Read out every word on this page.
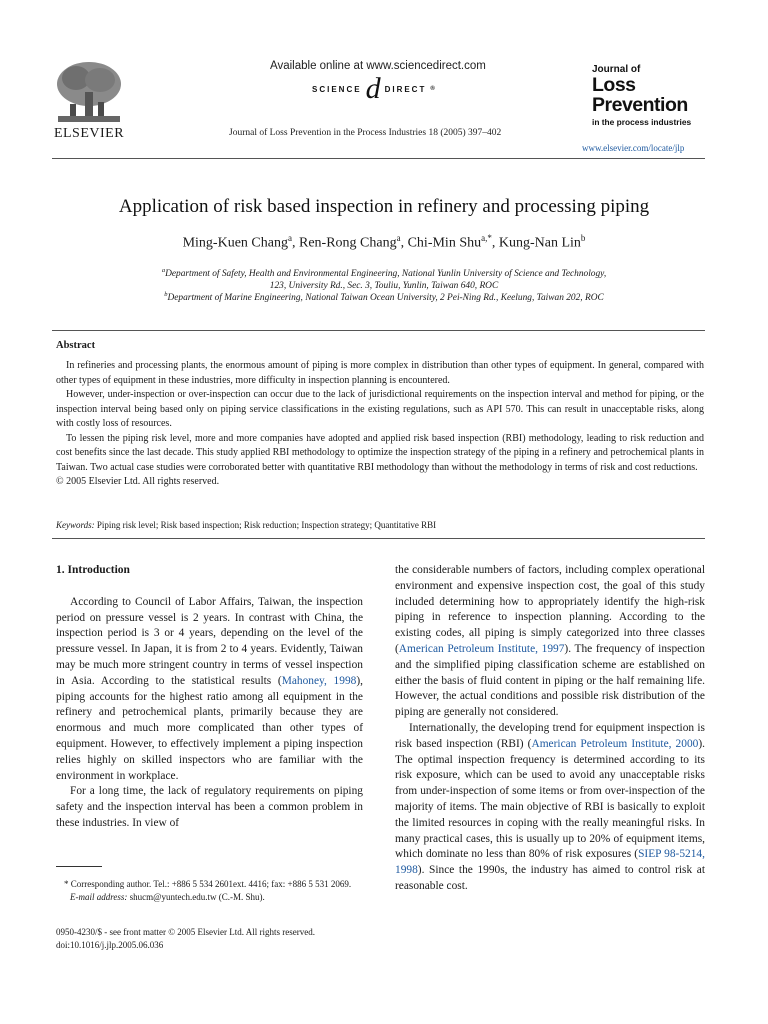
ELSEVIER
Available online at www.sciencedirect.com
SCIENCE d DIRECT ®
Journal of Loss Prevention in the Process Industries 18 (2005) 397–402
Journal of
Loss
Prevention
in the process industries
www.elsevier.com/locate/jlp
Application of risk based inspection in refinery and processing piping
Ming-Kuen Chang$^a$, Ren-Rong Chang$^a$, Chi-Min Shu$^{a,*}$, Kung-Nan Lin$^b$
$^a$Department of Safety, Health and Environmental Engineering, National Yunlin University of Science and Technology,
123, University Rd., Sec. 3, Touliu, Yunlin, Taiwan 640, ROC
$^b$Department of Marine Engineering, National Taiwan Ocean University, 2 Pei-Ning Rd., Keelung, Taiwan 202, ROC
Abstract

In refineries and processing plants, the enormous amount of piping is more complex in distribution than other types of equipment. In general, compared with other types of equipment in these industries, more difficulty in inspection planning is encountered.

However, under-inspection or over-inspection can occur due to the lack of jurisdictional requirements on the inspection interval and method for piping, or the inspection interval being based only on piping service classifications in the existing regulations, such as API 570. This can result in unacceptable risks, along with costly loss of resources.

To lessen the piping risk level, more and more companies have adopted and applied risk based inspection (RBI) methodology, leading to risk reduction and cost benefits since the last decade. This study applied RBI methodology to optimize the inspection strategy of the piping in a refinery and petrochemical plants in Taiwan. Two actual case studies were corroborated better with quantitative RBI methodology than without the methodology in terms of risk and cost reductions.

© 2005 Elsevier Ltd. All rights reserved.

Keywords: Piping risk level; Risk based inspection; Risk reduction; Inspection strategy; Quantitative RBI
1. Introduction

According to Council of Labor Affairs, Taiwan, the inspection period on pressure vessel is 2 years. In contrast with China, the inspection period is 3 or 4 years, depending on the level of the pressure vessel. In Japan, it is from 2 to 4 years. Evidently, Taiwan may be much more stringent country in terms of vessel inspection in Asia. According to the statistical results (Mahoney, 1998), piping accounts for the highest ratio among all equipment in the refinery and petrochemical plants, primarily because they are enormous and much more complicated than other types of equipment. However, to effectively implement a piping inspection relies highly on skilled inspectors who are familiar with the environment in workplace.

For a long time, the lack of regulatory requirements on piping safety and the inspection interval has been a common problem in these industries. In view of

* Corresponding author. Tel.: +886 5 534 2601ext. 4416; fax: +886 5 531 2069.

E-mail address: shucm@yuntech.edu.tw (C.-M. Shu).

0950-4230/$ - see front matter © 2005 Elsevier Ltd. All rights reserved.
doi:10.1016/j.jlp.2005.06.036

the considerable numbers of factors, including complex operational environment and expensive inspection cost, the goal of this study included determining how to appropriately identify the high-risk piping in reference to inspection planning. According to the existing codes, all piping is simply categorized into three classes (American Petroleum Institute, 1997). The frequency of inspection and the simplified piping classification scheme are established on either the basis of fluid content in piping or the half remaining life. However, the actual conditions and possible risk distribution of the piping are generally not considered.

Internationally, the developing trend for equipment inspection is risk based inspection (RBI) (American Petroleum Institute, 2000). The optimal inspection frequency is determined according to its risk exposure, which can be used to avoid any unacceptable risks from under-inspection of some items or from over-inspection of the majority of items. The main objective of RBI is basically to exploit the limited resources in coping with the really meaningful risks. In many practical cases, this is usually up to 20% of equipment items, which dominate no less than 80% of risk exposures (SIEP 98-5214, 1998). Since the 1990s, the industry has aimed to control risk at reasonable cost.
